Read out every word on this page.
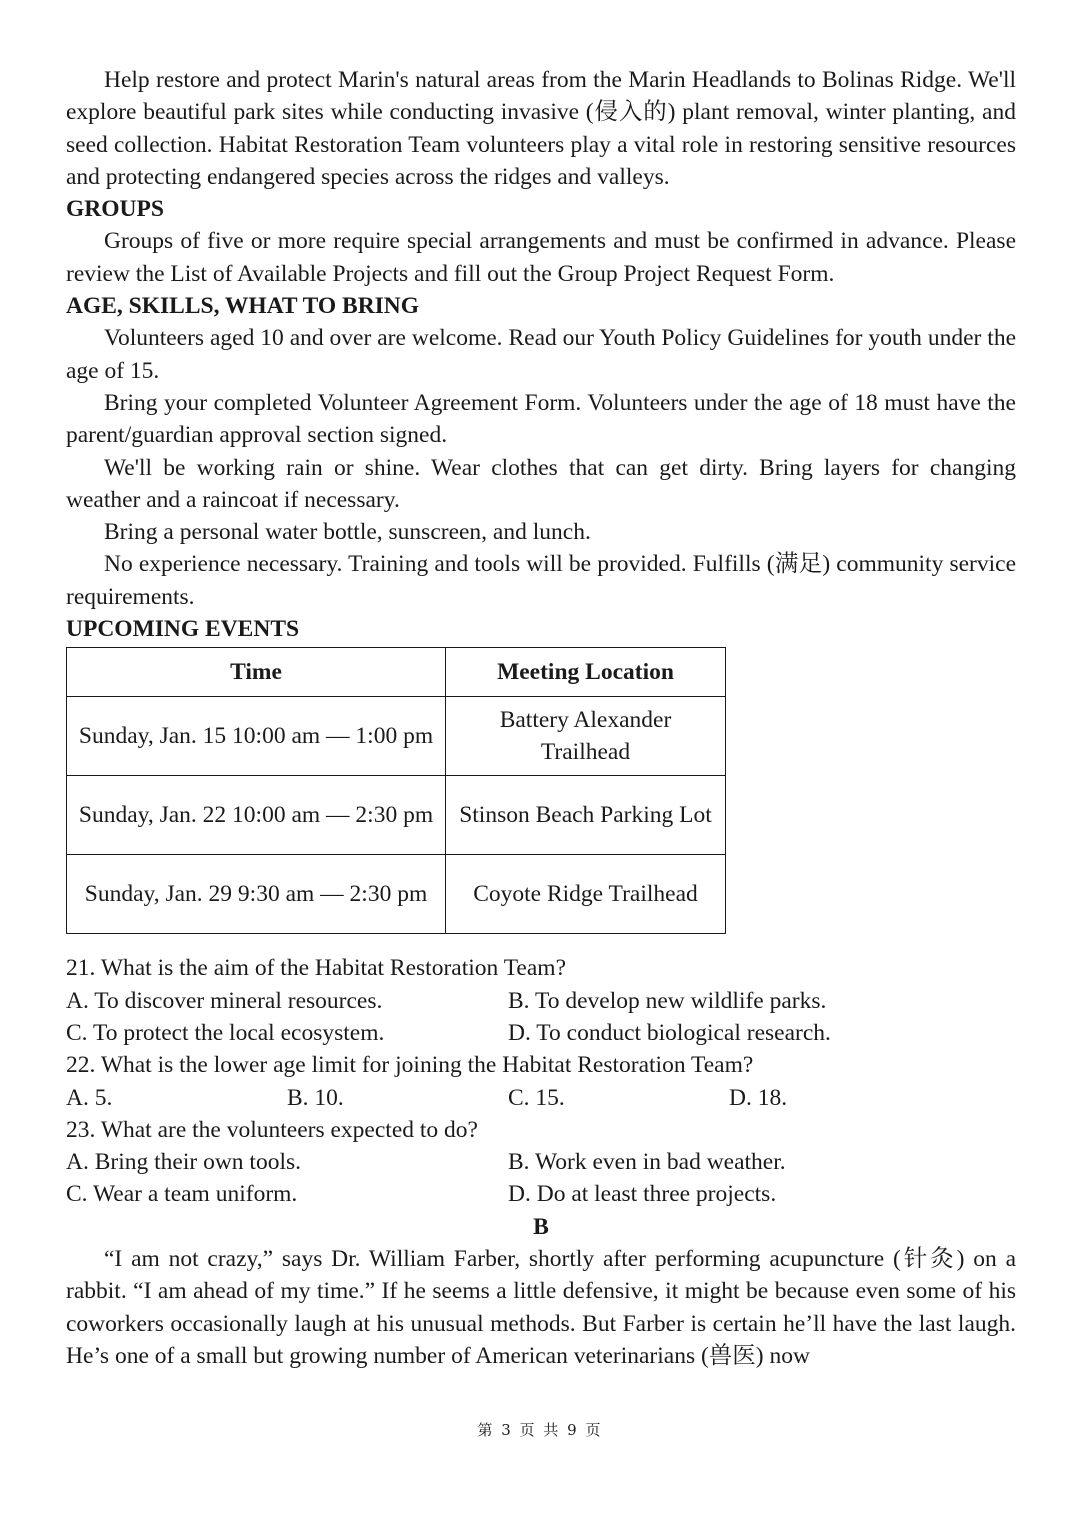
Help restore and protect Marin's natural areas from the Marin Headlands to Bolinas Ridge. We'll explore beautiful park sites while conducting invasive (侵入的) plant removal, winter planting, and seed collection. Habitat Restoration Team volunteers play a vital role in restoring sensitive resources and protecting endangered species across the ridges and valleys.

GROUPS

Groups of five or more require special arrangements and must be confirmed in advance. Please review the List of Available Projects and fill out the Group Project Request Form.

AGE, SKILLS, WHAT TO BRING

Volunteers aged 10 and over are welcome. Read our Youth Policy Guidelines for youth under the age of 15.

Bring your completed Volunteer Agreement Form. Volunteers under the age of 18 must have the parent/guardian approval section signed.

We'll be working rain or shine. Wear clothes that can get dirty. Bring layers for changing weather and a raincoat if necessary.

Bring a personal water bottle, sunscreen, and lunch.

No experience necessary. Training and tools will be provided. Fulfills (满足) community service requirements.

UPCOMING EVENTS
Time	Meeting Location
Sunday, Jan. 15 10:00 am — 1:00 pm	Battery Alexander Trailhead
Sunday, Jan. 22 10:00 am — 2:30 pm	Stinson Beach Parking Lot
Sunday, Jan. 29 9:30 am — 2:30 pm	Coyote Ridge Trailhead

21. What is the aim of the Habitat Restoration Team?

A. To discover mineral resources.	B. To develop new wildlife parks.
C. To protect the local ecosystem.	D. To conduct biological research.

22. What is the lower age limit for joining the Habitat Restoration Team?

A. 5.	B. 10.	C. 15.	D. 18.

23. What are the volunteers expected to do?

A. Bring their own tools.	B. Work even in bad weather.
C. Wear a team uniform.	D. Do at least three projects.
B

“I am not crazy,” says Dr. William Farber, shortly after performing acupuncture (针灸) on a rabbit. “I am ahead of my time.” If he seems a little defensive, it might be because even some of his coworkers occasionally laugh at his unusual methods. But Farber is certain he’ll have the last laugh. He’s one of a small but growing number of American veterinarians (兽医) now

第 3 页 共 9 页
